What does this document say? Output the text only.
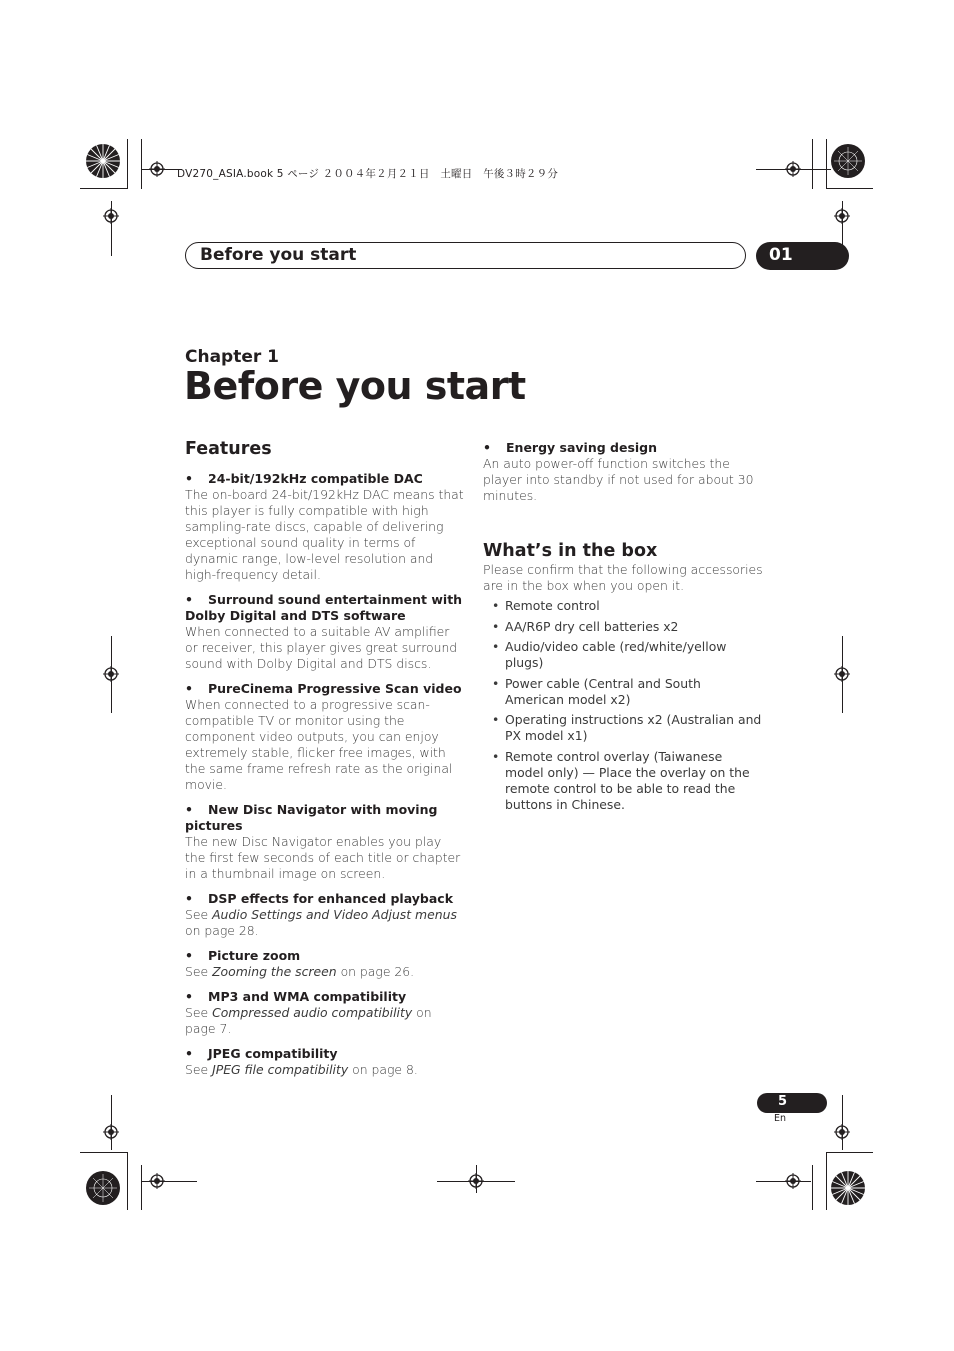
DV270_ASIA.book 5 ページ ２００４年２月２１日　土曜日　午後３時２９分
Before you start	01
Chapter 1
Before you start
Features

• 24-bit/192kHz compatible DAC

The on-board 24-bit/192kHz DAC means that this player is fully compatible with high sampling-rate discs, capable of delivering exceptional sound quality in terms of dynamic range, low-level resolution and high-frequency detail.

• Surround sound entertainment with Dolby Digital and DTS software

When connected to a suitable AV amplifier or receiver, this player gives great surround sound with Dolby Digital and DTS discs.

• PureCinema Progressive Scan video

When connected to a progressive scan-compatible TV or monitor using the component video outputs, you can enjoy extremely stable, flicker free images, with the same frame refresh rate as the original movie.

• New Disc Navigator with moving pictures

The new Disc Navigator enables you play the first few seconds of each title or chapter in a thumbnail image on screen.

• DSP effects for enhanced playback

See Audio Settings and Video Adjust menus on page 28.

• Picture zoom

See Zooming the screen on page 26.

• MP3 and WMA compatibility

See Compressed audio compatibility on page 7.

• JPEG compatibility

See JPEG file compatibility on page 8.

• Energy saving design

An auto power-off function switches the player into standby if not used for about 30 minutes.

What’s in the box

Please confirm that the following accessories are in the box when you open it.

• Remote control
• AA/R6P dry cell batteries x2
• Audio/video cable (red/white/yellow plugs)
• Power cable (Central and South American model x2)
• Operating instructions x2 (Australian and PX model x1)
• Remote control overlay (Taiwanese model only) — Place the overlay on the remote control to be able to read the buttons in Chinese.
5
En
